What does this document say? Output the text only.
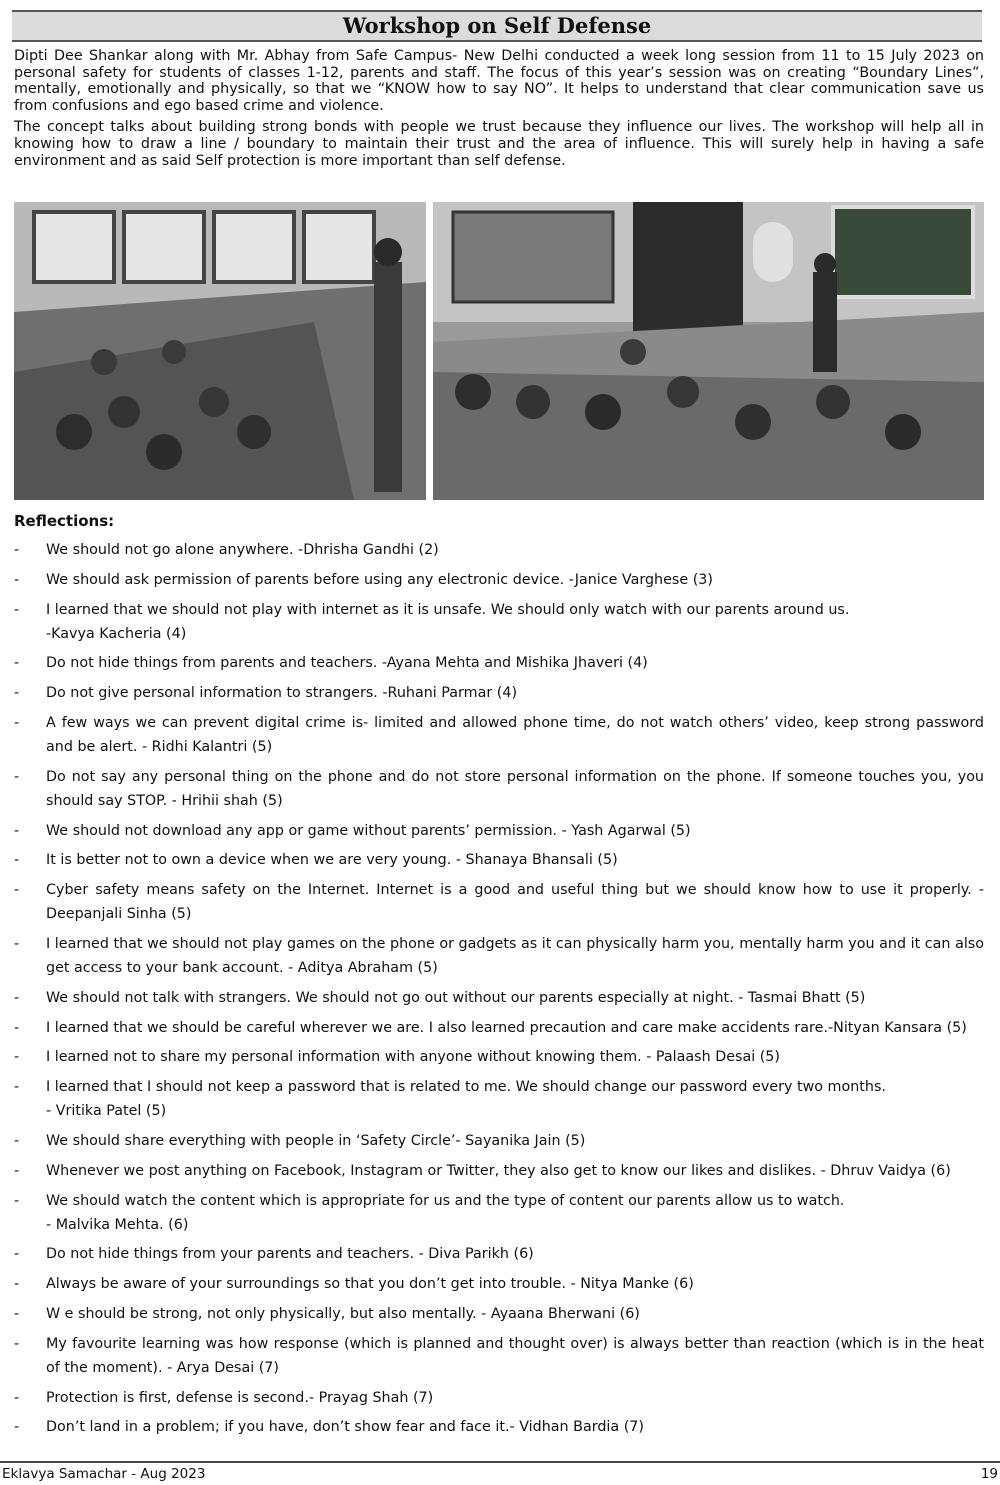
Workshop on Self Defense

Dipti Dee Shankar along with Mr. Abhay from Safe Campus- New Delhi conducted a week long session from 11 to 15 July 2023 on personal safety for students of classes 1-12, parents and staff. The focus of this year’s session was on creating “Boundary Lines”, mentally, emotionally and physically, so that we “KNOW how to say NO”. It helps to understand that clear communication save us from confusions and ego based crime and violence.

The concept talks about building strong bonds with people we trust because they influence our lives. The workshop will help all in knowing how to draw a line / boundary to maintain their trust and the area of influence. This will surely help in having a safe environment and as said Self protection is more important than self defense.

Reflections:
- We should not go alone anywhere. -Dhrisha Gandhi (2)
- We should ask permission of parents before using any electronic device. -Janice Varghese (3)
- I learned that we should not play with internet as it is unsafe. We should only watch with our parents around us.
-Kavya Kacheria (4)
- Do not hide things from parents and teachers. -Ayana Mehta and Mishika Jhaveri (4)
- Do not give personal information to strangers. -Ruhani Parmar (4)
- A few ways we can prevent digital crime is- limited and allowed phone time, do not watch others’ video, keep strong password and be alert. - Ridhi Kalantri (5)
- Do not say any personal thing on the phone and do not store personal information on the phone. If someone touches you, you should say STOP. - Hrihii shah (5)
- We should not download any app or game without parents’ permission. - Yash Agarwal (5)
- It is better not to own a device when we are very young. - Shanaya Bhansali (5)
- Cyber safety means safety on the Internet. Internet is a good and useful thing but we should know how to use it properly. - Deepanjali Sinha (5)
- I learned that we should not play games on the phone or gadgets as it can physically harm you, mentally harm you and it can also get access to your bank account. - Aditya Abraham (5)
- We should not talk with strangers. We should not go out without our parents especially at night. - Tasmai Bhatt (5)
- I learned that we should be careful wherever we are. I also learned precaution and care make accidents rare.-Nityan Kansara (5)
- I learned not to share my personal information with anyone without knowing them. - Palaash Desai (5)
- I learned that I should not keep a password that is related to me. We should change our password every two months.
- Vritika Patel (5)
- We should share everything with people in ‘Safety Circle’- Sayanika Jain (5)
- Whenever we post anything on Facebook, Instagram or Twitter, they also get to know our likes and dislikes. - Dhruv Vaidya (6)
- We should watch the content which is appropriate for us and the type of content our parents allow us to watch.
- Malvika Mehta. (6)
- Do not hide things from your parents and teachers. - Diva Parikh (6)
- Always be aware of your surroundings so that you don’t get into trouble. - Nitya Manke (6)
- W e should be strong, not only physically, but also mentally. - Ayaana Bherwani (6)
- My favourite learning was how response (which is planned and thought over) is always better than reaction (which is in the heat of the moment). - Arya Desai (7)
- Protection is first, defense is second.- Prayag Shah (7)
- Don’t land in a problem; if you have, don’t show fear and face it.- Vidhan Bardia (7)
Eklavya Samachar - Aug 2023	19
